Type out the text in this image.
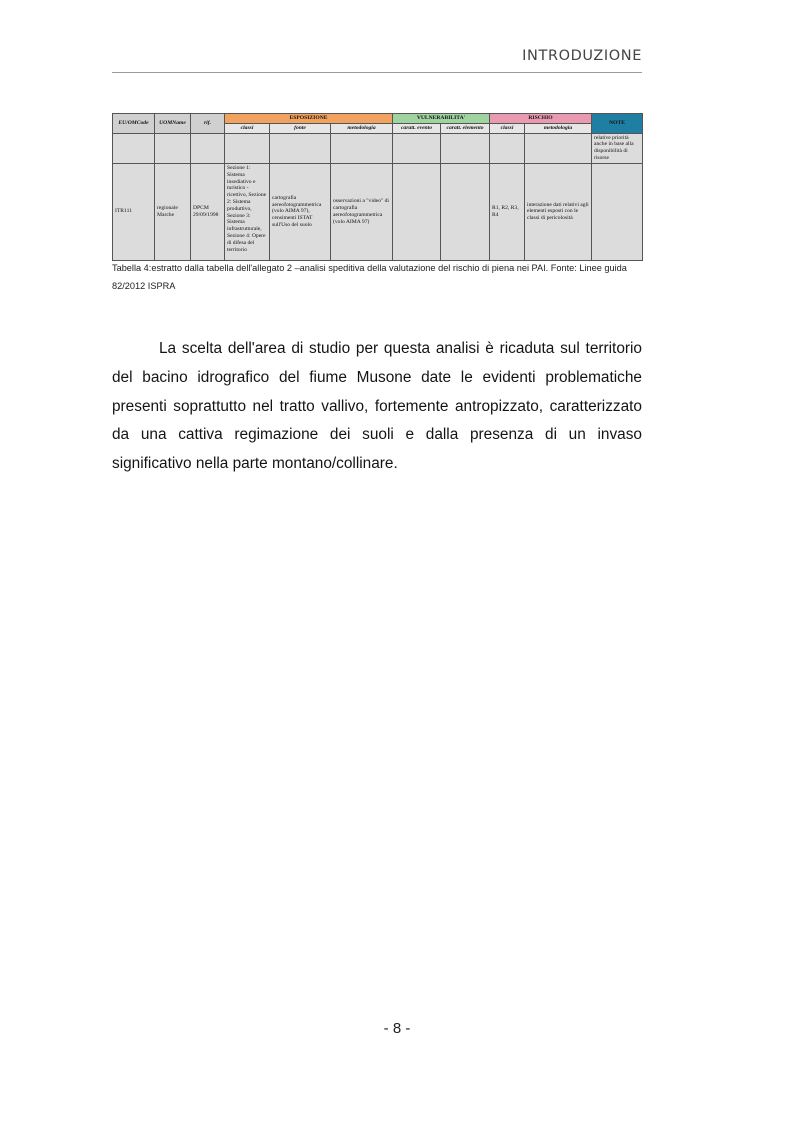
INTRODUZIONE
EU/OMCode	UOMName	rif.	ESPOSIZIONE			VULNERABILITA'		RISCHIO		NOTE
			classi	fonte	metodologia	caratt. evento	caratt. elemento	classi	metodologia	
										relative priorità anche in base alla disponibilità di risorse
ITR111	regionale Marche	DPCM 29/09/1998	Sezione 1: Sistema insediativo e turistico - ricettivo, Sezione 2: Sistema produttivo, Sezione 3: Sistema infrastrutturale, Sezione 4: Opere di difesa del territorio	cartografia aereofotogrammetrica (volo AIMA 97), censimenti ISTAT sull'Uso del suolo	osservazioni a "video" di cartografia aereofotogrammetrica (volo AIMA 97)			R1, R2, R3, R4	interazione dati relativi agli elementi esposti con le classi di pericolosità	
Tabella 4:estratto dalla tabella dell'allegato 2 –analisi speditiva della valutazione del rischio di piena nei PAI. Fonte: Linee guida 82/2012 ISPRA

La scelta dell'area di studio per questa analisi è ricaduta sul territorio del bacino idrografico del fiume Musone date le evidenti problematiche presenti soprattutto nel tratto vallivo, fortemente antropizzato, caratterizzato da una cattiva regimazione dei suoli e dalla presenza di un invaso significativo nella parte montano/collinare.

- 8 -
